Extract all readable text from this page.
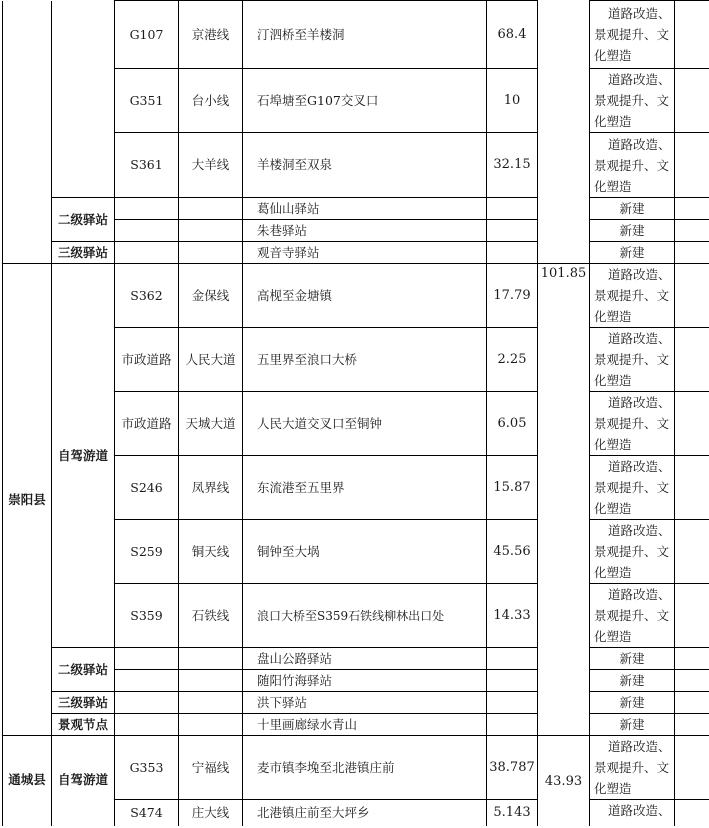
		G107	京港线	汀泗桥至羊楼洞	68.4		道路改造、景观提升、文化塑造	
		G351	台小线	石埠塘至G107交叉口	10		道路改造、景观提升、文化塑造	
		S361	大羊线	羊楼洞至双泉	32.15		道路改造、景观提升、文化塑造	
	二级驿站			葛仙山驿站			新建	
				朱巷驿站			新建	
	三级驿站			观音寺驿站			新建	
崇阳县	自驾游道	S362	金保线	高枧至金塘镇	17.79	101.85	道路改造、景观提升、文化塑造	
		市政道路	人民大道	五里界至浪口大桥	2.25		道路改造、景观提升、文化塑造	
		市政道路	天城大道	人民大道交叉口至铜钟	6.05		道路改造、景观提升、文化塑造	
		S246	凤界线	东流港至五里界	15.87		道路改造、景观提升、文化塑造	
		S259	铜天线	铜钟至大埚	45.56		道路改造、景观提升、文化塑造	
		S359	石铁线	浪口大桥至S359石铁线柳林出口处	14.33		道路改造、景观提升、文化塑造	
	二级驿站			盘山公路驿站			新建	
				随阳竹海驿站			新建	
	三级驿站			洪下驿站			新建	
	景观节点			十里画廊绿水青山			新建	
通城县	自驾游道	G353	宁福线	麦市镇李堍至北港镇庄前	38.787	43.93	道路改造、景观提升、文化塑造	
		S474	庄大线	北港镇庄前至大坪乡	5.143		道路改造、	
